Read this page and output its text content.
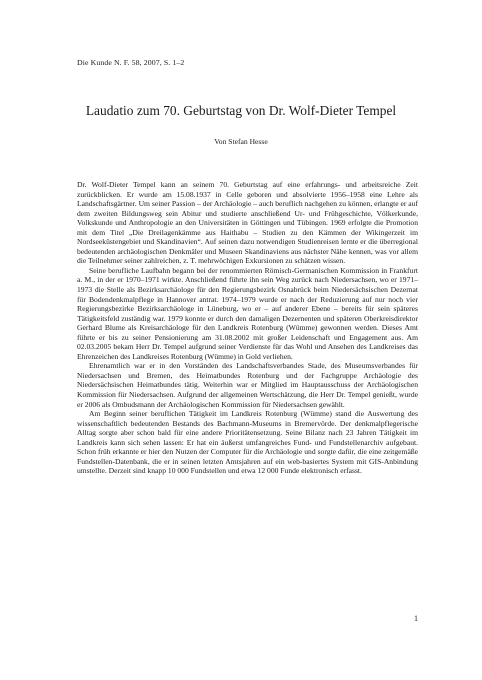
Die Kunde N. F. 58, 2007, S. 1–2
Laudatio zum 70. Geburtstag von Dr. Wolf-Dieter Tempel
Von Stefan Hesse

Dr. Wolf-Dieter Tempel kann an seinem 70. Geburtstag auf eine erfahrungs- und arbeitsreiche Zeit zurückblicken. Er wurde am 15.08.1937 in Celle geboren und absolvierte 1956–1958 eine Lehre als Landschaftsgärtner. Um seiner Passion – der Archäologie – auch beruflich nachgehen zu können, erlangte er auf dem zweiten Bildungsweg sein Abitur und studierte anschließend Ur- und Frühgeschichte, Völkerkunde, Volkskunde und Anthropologie an den Universitäten in Göttingen und Tübingen. 1969 erfolgte die Promotion mit dem Titel „Die Dreilagenkämme aus Haithabu – Studien zu den Kämmen der Wikingerzeit im Nordseeküstengebiet und Skandinavien“. Auf seinen dazu notwendigen Studienreisen lernte er die überregional bedeutenden archäologischen Denkmäler und Museen Skandinaviens aus nächster Nähe kennen, was vor allem die Teilnehmer seiner zahlreichen, z. T. mehrwöchigen Exkursionen zu schätzen wissen.

Seine berufliche Laufbahn begann bei der renommierten Römisch-Germanischen Kommission in Frankfurt a. M., in der er 1970–1971 wirkte. Anschließend führte ihn sein Weg zurück nach Niedersachsen, wo er 1971–1973 die Stelle als Bezirksarchäologe für den Regierungsbezirk Osnabrück beim Niedersächsischen Dezernat für Bodendenkmalpflege in Hannover antrat. 1974–1979 wurde er nach der Reduzierung auf nur noch vier Regierungsbezirke Bezirksarchäologe in Lüneburg, wo er – auf anderer Ebene – bereits für sein späteres Tätigkeitsfeld zuständig war. 1979 konnte er durch den damaligen Dezernenten und späteren Oberkreisdirektor Gerhard Blume als Kreisarchäologe für den Landkreis Rotenburg (Wümme) gewonnen werden. Dieses Amt führte er bis zu seiner Pensionierung am 31.08.2002 mit großer Leidenschaft und Engagement aus. Am 02.03.2005 bekam Herr Dr. Tempel aufgrund seiner Verdienste für das Wohl und Ansehen des Landkreises das Ehrenzeichen des Landkreises Rotenburg (Wümme) in Gold verliehen.

Ehrenamtlich war er in den Vorständen des Landschaftsverbandes Stade, des Museumsverbandes für Niedersachsen und Bremen, des Heimatbundes Rotenburg und der Fachgruppe Archäologie des Niedersächsischen Heimatbundes tätig. Weiterhin war er Mitglied im Hauptausschuss der Archäologischen Kommission für Niedersachsen. Aufgrund der allgemeinen Wertschätzung, die Herr Dr. Tempel genießt, wurde er 2006 als Ombudsmann der Archäologischen Kommission für Niedersachsen gewählt.

Am Beginn seiner beruflichen Tätigkeit im Landkreis Rotenburg (Wümme) stand die Auswertung des wissenschaftlich bedeutenden Bestands des Bachmann-Museums in Bremervörde. Der denkmalpflegerische Alltag sorgte aber schon bald für eine andere Prioritätensetzung. Seine Bilanz nach 23 Jahren Tätigkeit im Landkreis kann sich sehen lassen: Er hat ein äußerst umfangreiches Fund- und Fundstellenarchiv aufgebaut. Schon früh erkannte er hier den Nutzen der Computer für die Archäologie und sorgte dafür, die eine zeitgemäße Fundstellen-Datenbank, die er in seinen letzten Amtsjahren auf ein web-basiertes System mit GIS-Anbindung umstellte. Derzeit sind knapp 10 000 Fundstellen und etwa 12 000 Funde elektronisch erfasst.

1
